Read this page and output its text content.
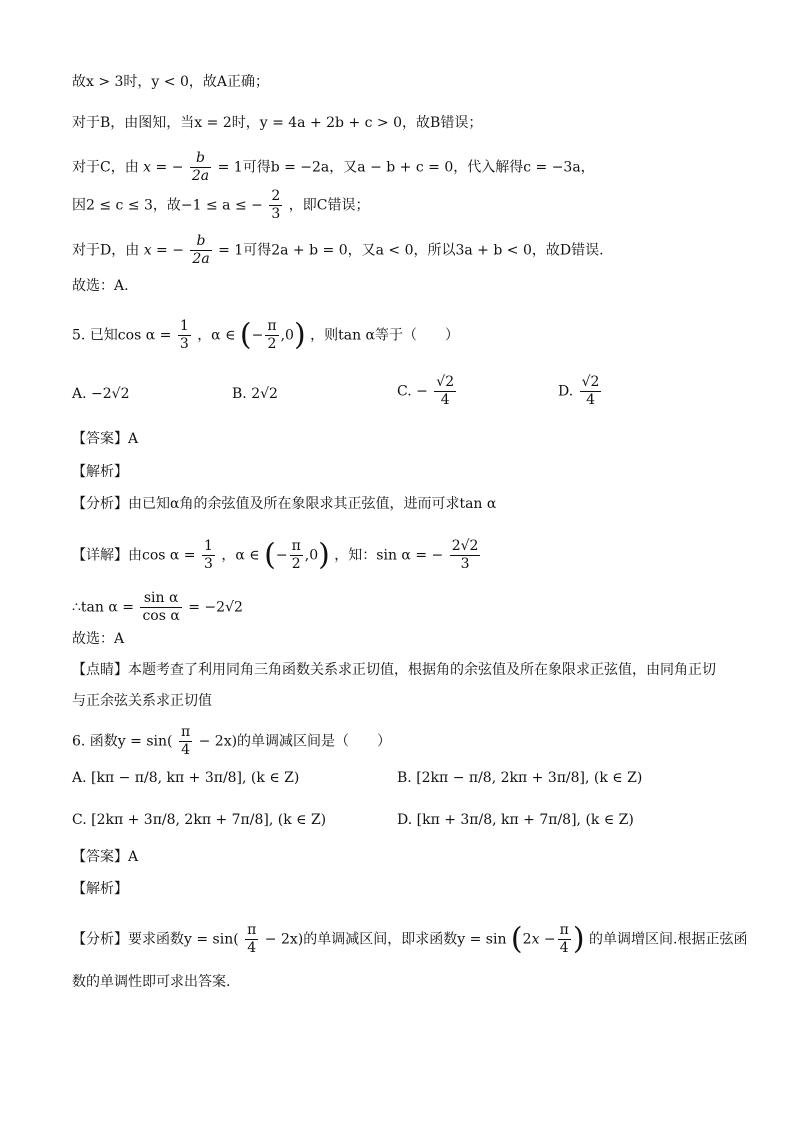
故x > 3时，y < 0，故A正确；
对于B，由图知，当x = 2时，y = 4a + 2b + c > 0，故B错误；
对于C，由 x = − $\frac{b}{2a} = 1$可得b = −2a，又a − b + c = 0，代入解得c = −3a，
因2 ≤ c ≤ 3，故−1 ≤ a ≤ − $\frac{2}{3}$ ，即C错误；
对于D，由 x = − $\frac{b}{2a} = 1$可得2a + b = 0，又a < 0，所以3a + b < 0，故D错误.
故选：A.
5. 已知$\cos \alpha = \frac{1}{3}$ ，α ∈ (− $\frac{\pi}{2} ,0$) ，则tan α等于（　　）
A. −2√2	B. 2√2	C. − $\frac{√2}{4}$	D. $\frac{√2}{4}$
【答案】A
【解析】
【分析】由已知α角的余弦值及所在象限求其正弦值，进而可求tan α
【详解】由$\cos \alpha = \frac{1}{3}$ ，α ∈ (− $\frac{\pi}{2} ,0$) ，知：sin α = − $\frac{2√2}{3}$
∴tan $\alpha = \frac{\text{sin α}}{\text{cos α}} = -2√2$
故选：A
【点睛】本题考查了利用同角三角函数关系求正切值，根据角的余弦值及所在象限求正弦值，由同角正切
与正余弦关系求正切值
6. 函数$y = \sin( \frac{\pi}{4} - 2x)$的单调减区间是（　　）
A. [kπ − π/8, kπ + 3π/8], (k ∈ Z)	B. [2kπ − π/8, 2kπ + 3π/8], (k ∈ Z)
C. [2kπ + 3π/8, 2kπ + 7π/8], (k ∈ Z)	D. [kπ + 3π/8, kπ + 7π/8], (k ∈ Z)
【答案】A
【解析】
【分析】要求函数$y = \sin( \frac{\pi}{4} - 2x)$的单调减区间，即求函数$y = \sin (2x - \frac{\pi}{4}$ ) 的单调增区间.根据正弦函
数的单调性即可求出答案.
